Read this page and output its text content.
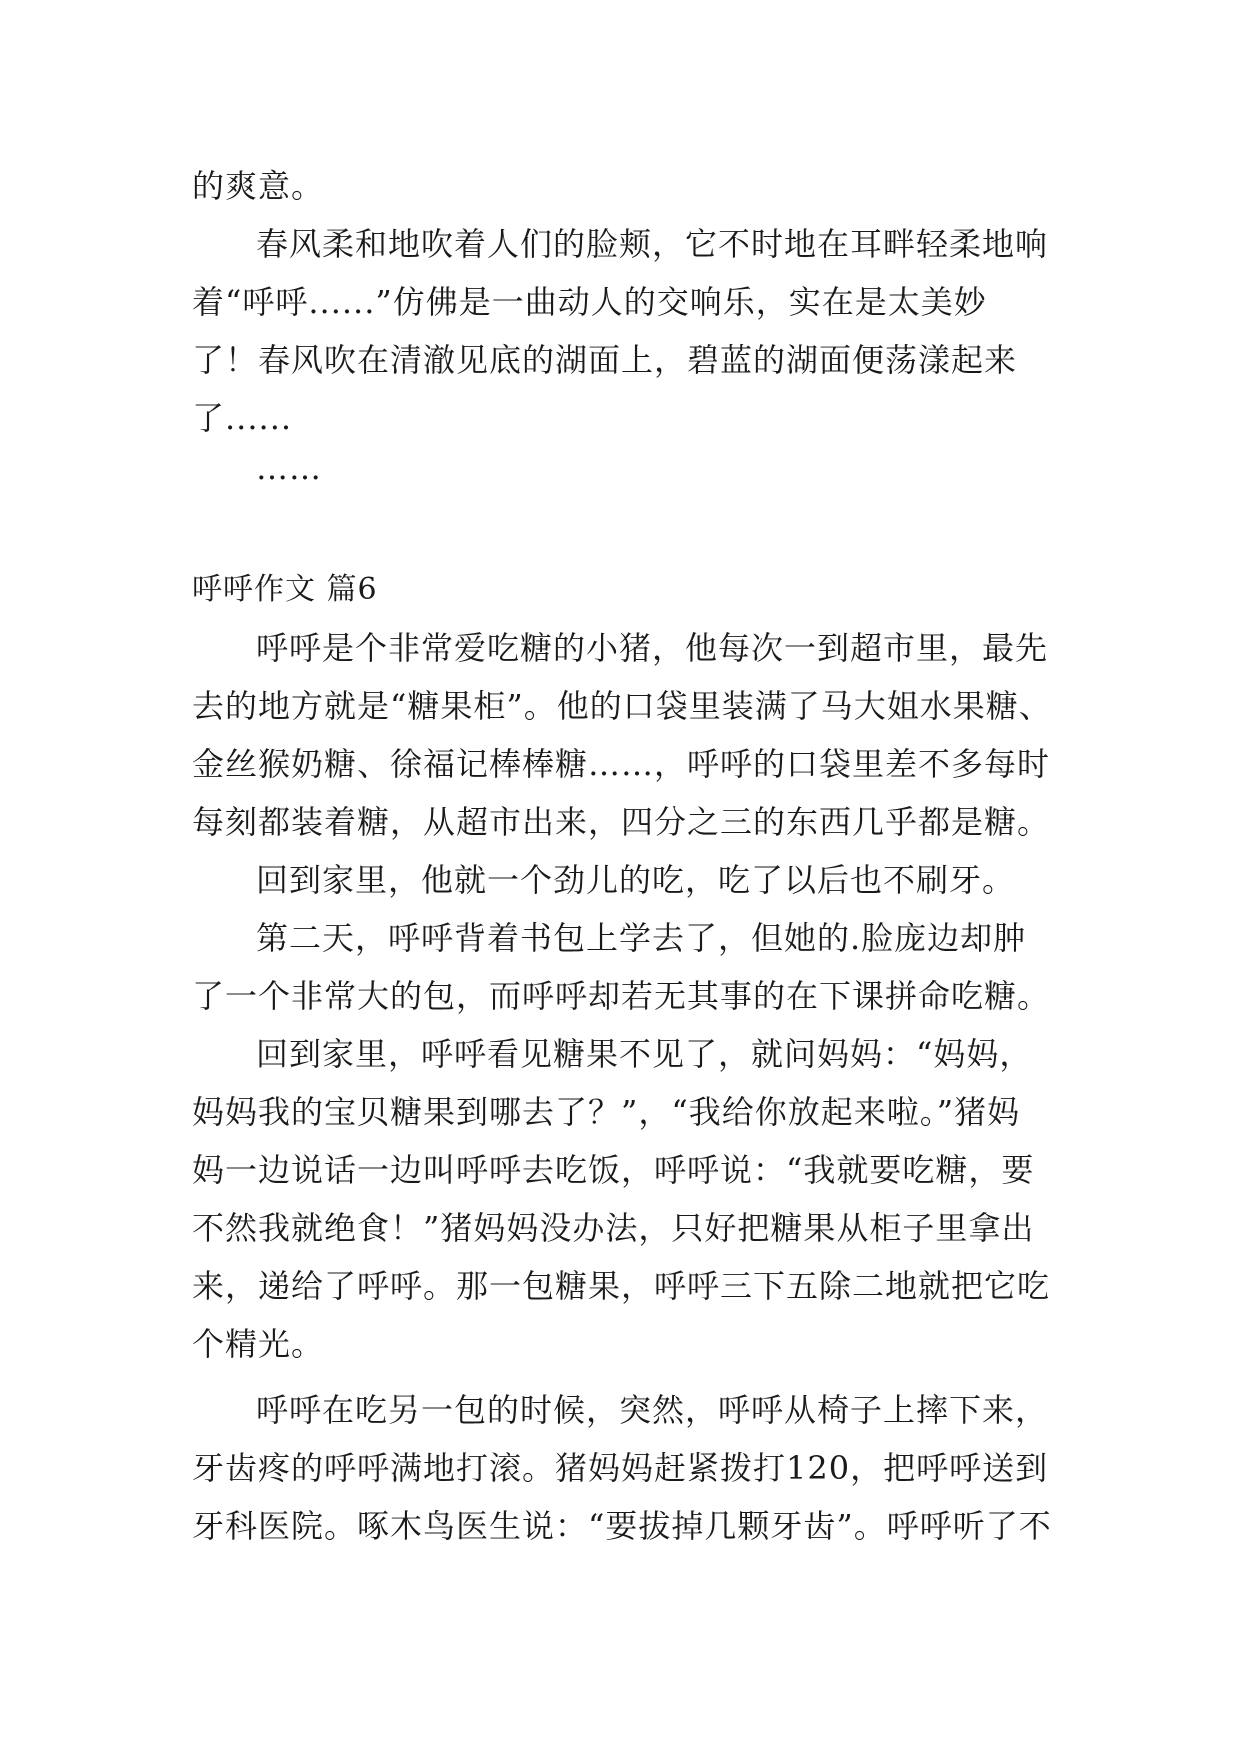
的爽意。
春风柔和地吹着人们的脸颊，它不时地在耳畔轻柔地响
着“呼呼......”仿佛是一曲动人的交响乐，实在是太美妙
了！春风吹在清澈见底的湖面上，碧蓝的湖面便荡漾起来
了......
……
呼呼作文 篇6
呼呼是个非常爱吃糖的小猪，他每次一到超市里，最先
去的地方就是“糖果柜”。他的口袋里装满了马大姐水果糖、
金丝猴奶糖、徐福记棒棒糖……，呼呼的口袋里差不多每时
每刻都装着糖，从超市出来，四分之三的东西几乎都是糖。
回到家里，他就一个劲儿的吃，吃了以后也不刷牙。
第二天，呼呼背着书包上学去了，但她的.脸庞边却肿
了一个非常大的包，而呼呼却若无其事的在下课拼命吃糖。
回到家里，呼呼看见糖果不见了，就问妈妈：“妈妈，
妈妈我的宝贝糖果到哪去了？”，“我给你放起来啦。”猪妈
妈一边说话一边叫呼呼去吃饭，呼呼说：“我就要吃糖，要
不然我就绝食！”猪妈妈没办法，只好把糖果从柜子里拿出
来，递给了呼呼。那一包糖果，呼呼三下五除二地就把它吃
个精光。
呼呼在吃另一包的时候，突然，呼呼从椅子上摔下来，
牙齿疼的呼呼满地打滚。猪妈妈赶紧拨打120，把呼呼送到
牙科医院。啄木鸟医生说：“要拔掉几颗牙齿”。呼呼听了不
